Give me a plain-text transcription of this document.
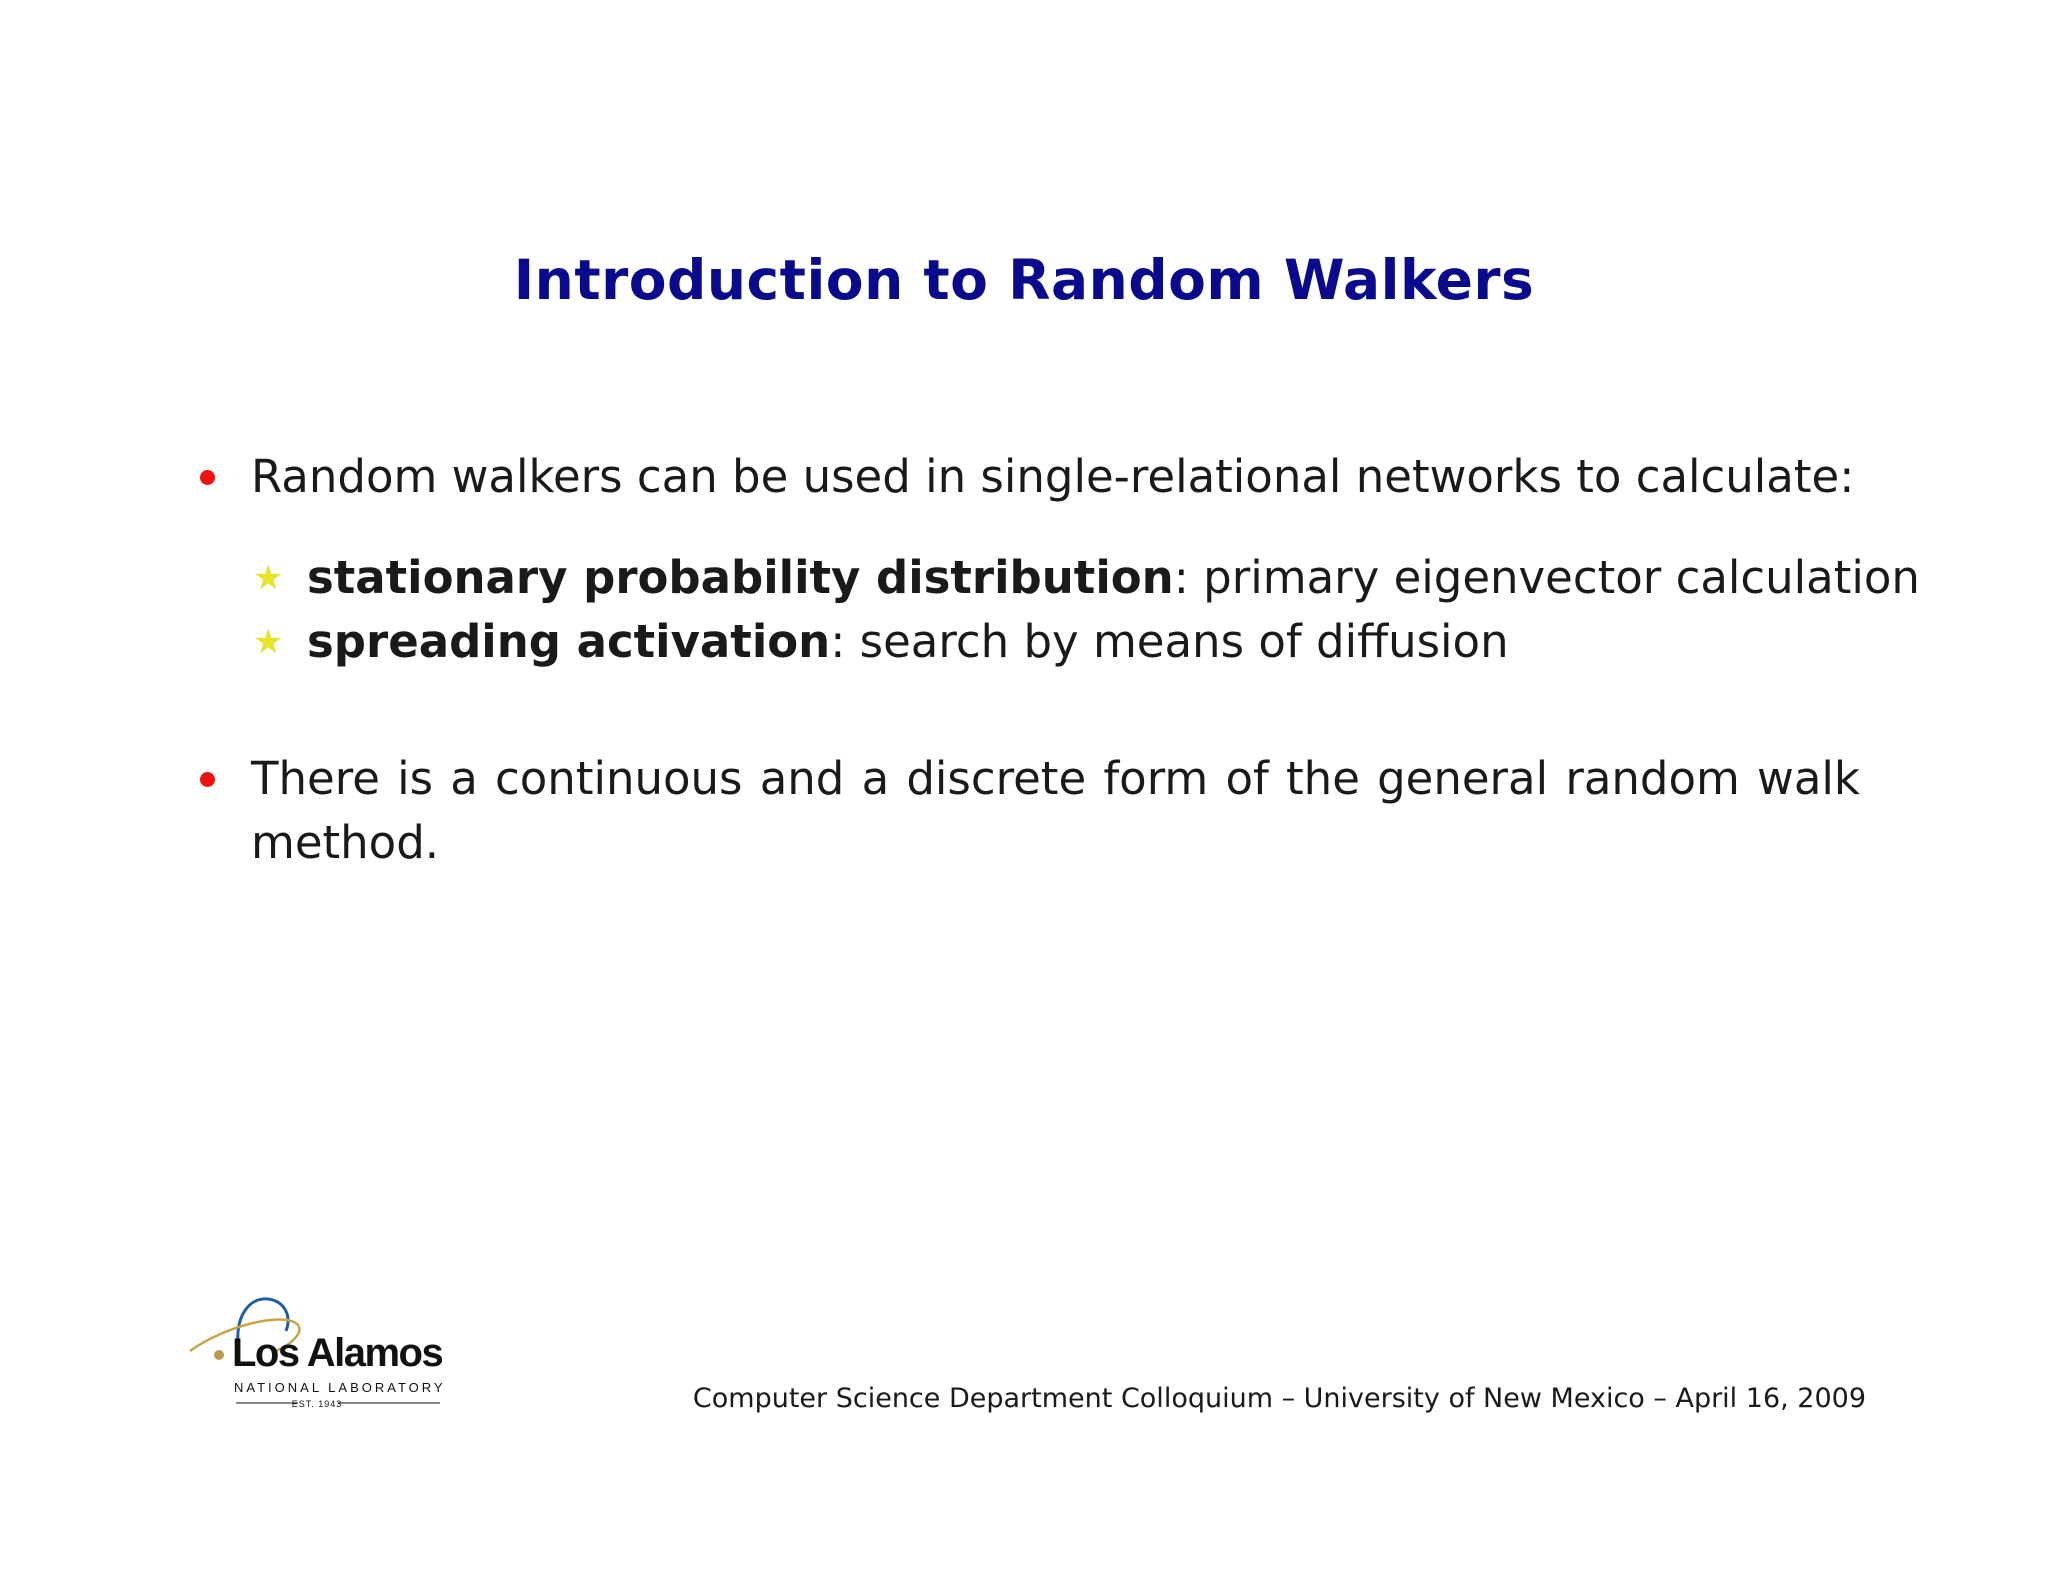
Introduction to Random Walkers
Random walkers can be used in single-relational networks to calculate:
★ stationary probability distribution: primary eigenvector calculation
★ spreading activation: search by means of diffusion
There is a continuous and a discrete form of the general random walk method.
Los Alamos
NATIONAL LABORATORY
EST. 1943	Computer Science Department Colloquium – University of New Mexico – April 16, 2009
